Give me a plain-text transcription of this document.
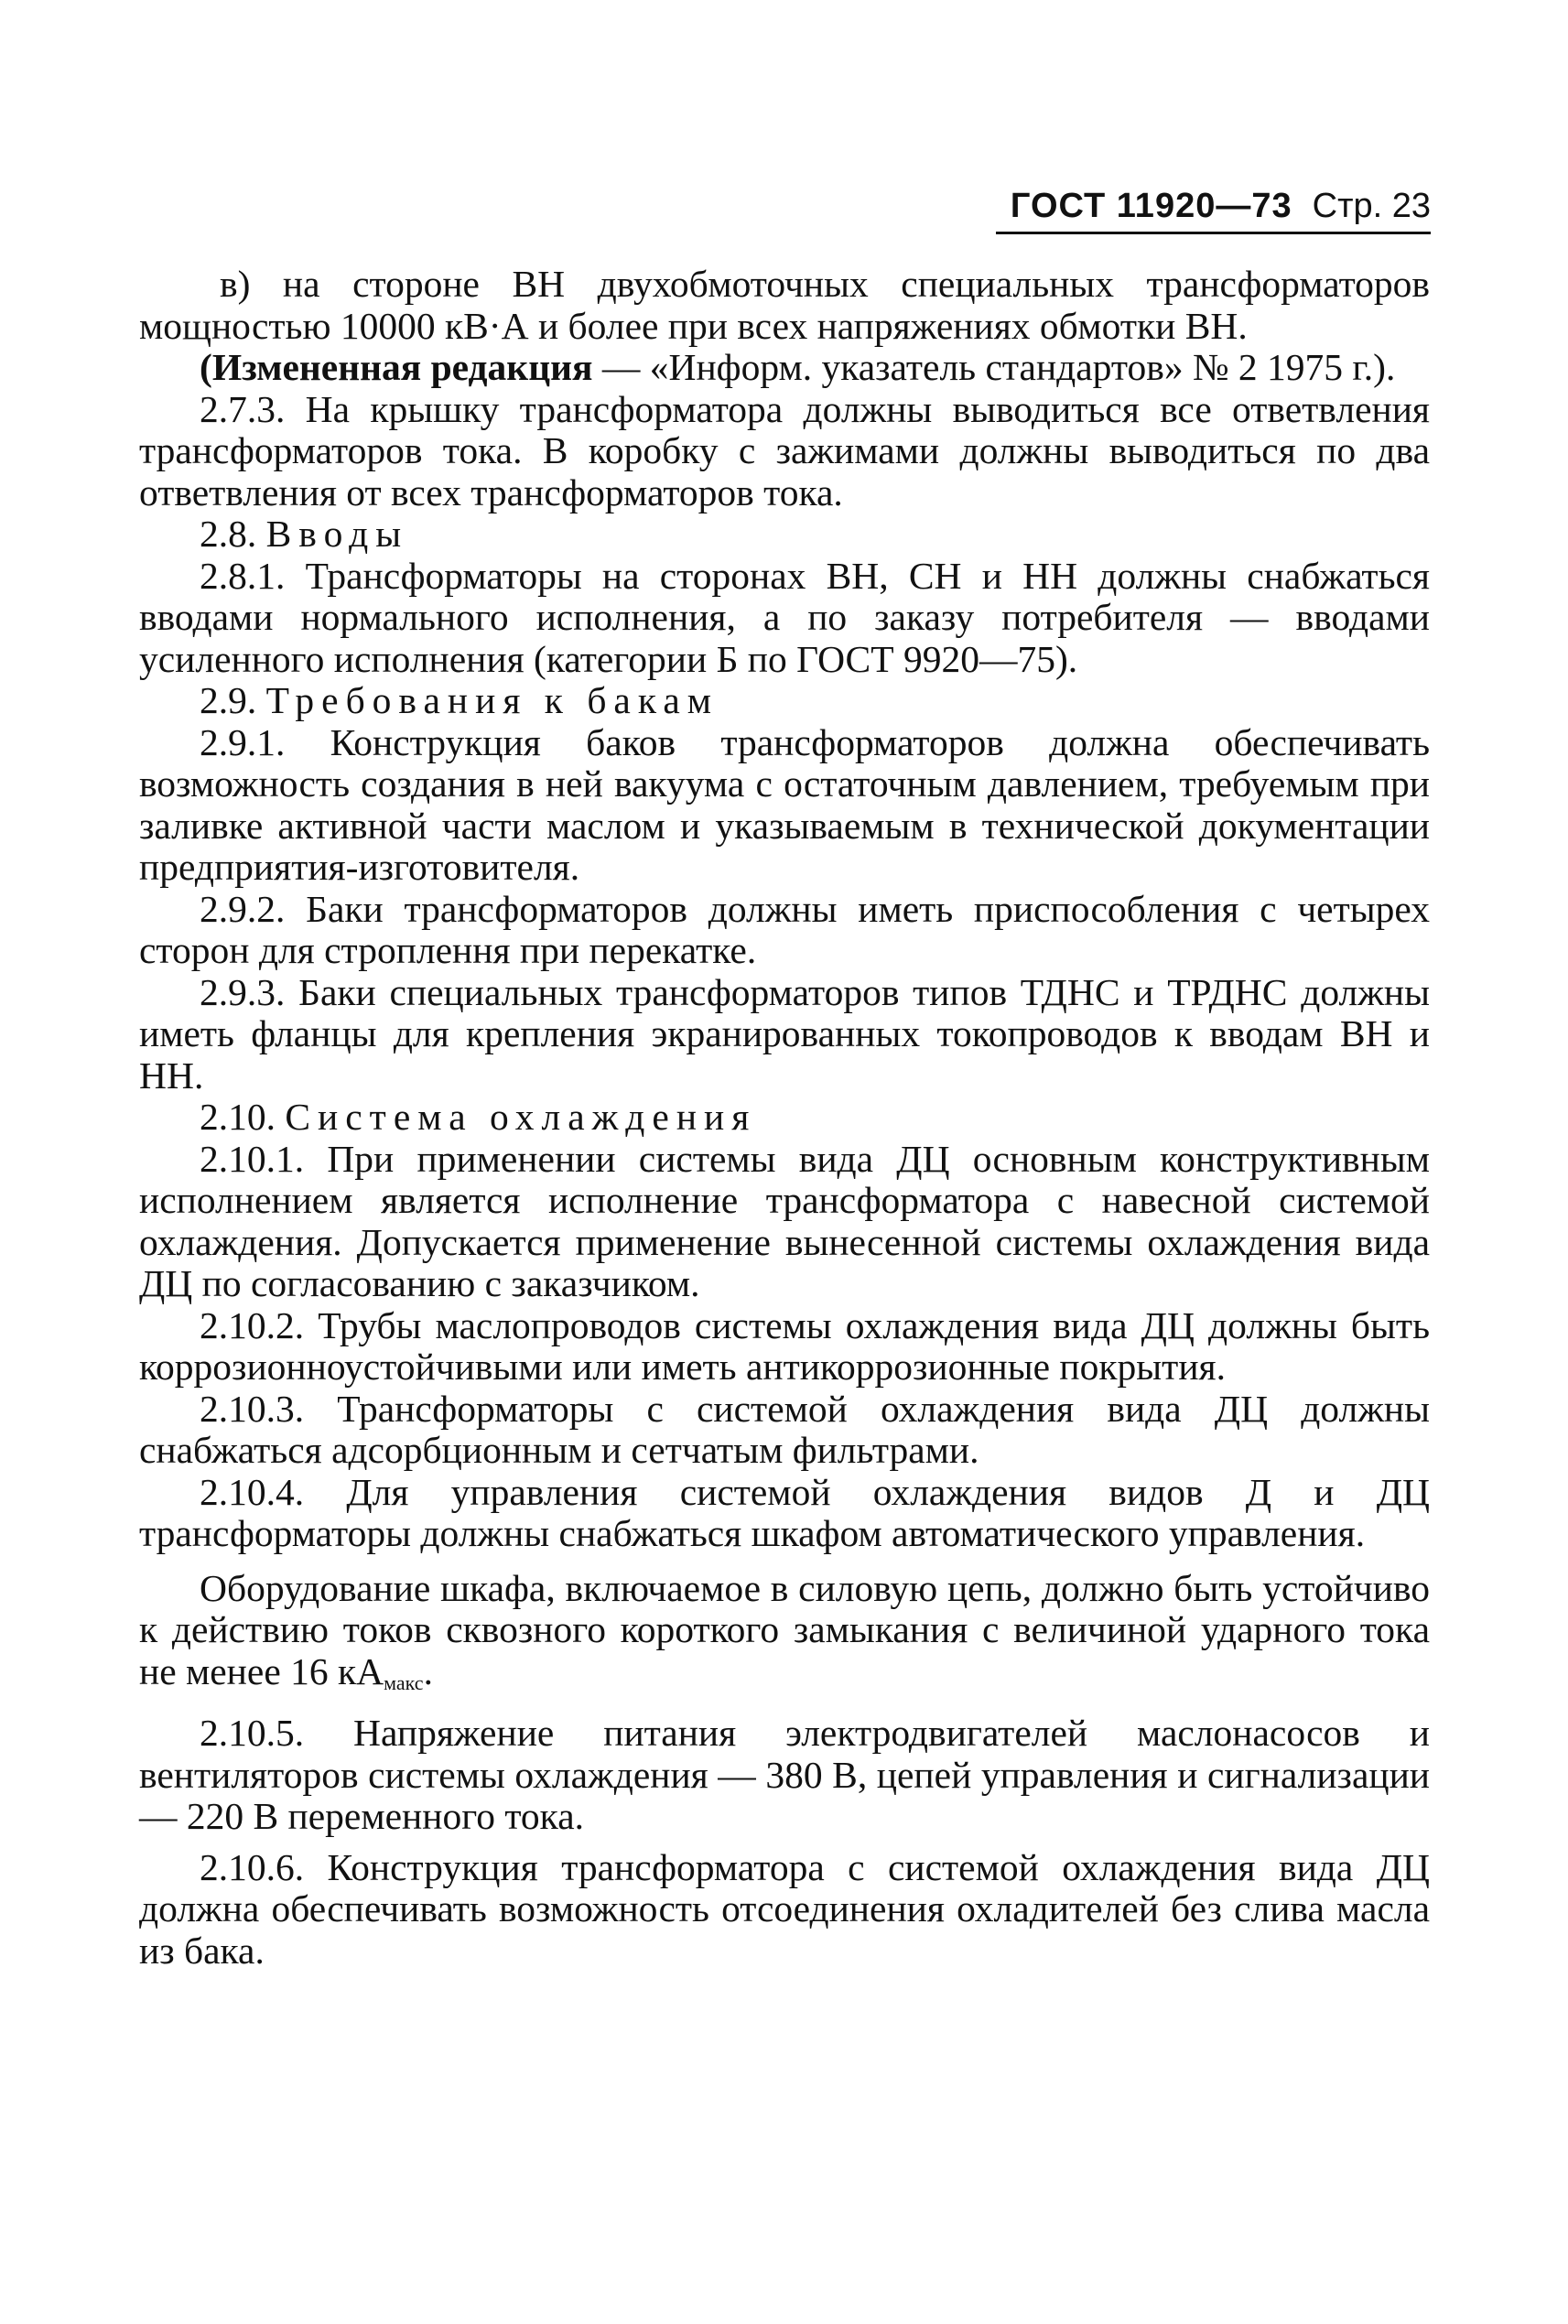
ГОСТ 11920—73 Стр. 23

в) на стороне ВН двухобмоточных специальных трансформаторов мощностью 10000 кВ·А и более при всех напряжениях обмотки ВН.

(Измененная редакция — «Информ. указатель стандартов» № 2 1975 г.).

2.7.3. На крышку трансформатора должны выводиться все ответвления трансформаторов тока. В коробку с зажимами должны выводиться по два ответвления от всех трансформаторов тока.

2.8. Вводы

2.8.1. Трансформаторы на сторонах ВН, СН и НН должны снабжаться вводами нормального исполнения, а по заказу потребителя — вводами усиленного исполнения (категории Б по ГОСТ 9920—75).

2.9. Требования к бакам

2.9.1. Конструкция баков трансформаторов должна обеспечивать возможность создания в ней вакуума с остаточным давлением, требуемым при заливке активной части маслом и указываемым в технической документации предприятия-изготовителя.

2.9.2. Баки трансформаторов должны иметь приспособления с четырех сторон для строплення при перекатке.

2.9.3. Баки специальных трансформаторов типов ТДНС и ТРДНС должны иметь фланцы для крепления экранированных токопроводов к вводам ВН и НН.

2.10. Система охлаждения

2.10.1. При применении системы вида ДЦ основным конструктивным исполнением является исполнение трансформатора с навесной системой охлаждения. Допускается применение вынесенной системы охлаждения вида ДЦ по согласованию с заказчиком.

2.10.2. Трубы маслопроводов системы охлаждения вида ДЦ должны быть коррозионноустойчивыми или иметь антикоррозионные покрытия.

2.10.3. Трансформаторы с системой охлаждения вида ДЦ должны снабжаться адсорбционным и сетчатым фильтрами.

2.10.4. Для управления системой охлаждения видов Д и ДЦ трансформаторы должны снабжаться шкафом автоматического управления.

Оборудование шкафа, включаемое в силовую цепь, должно быть устойчиво к действию токов сквозного короткого замыкания с величиной ударного тока не менее 16 $кА_{макс}$.

2.10.5. Напряжение питания электродвигателей маслонасосов и вентиляторов системы охлаждения — 380 В, цепей управления и сигнализации — 220 В переменного тока.

2.10.6. Конструкция трансформатора с системой охлаждения вида ДЦ должна обеспечивать возможность отсоединения охладителей без слива масла из бака.
